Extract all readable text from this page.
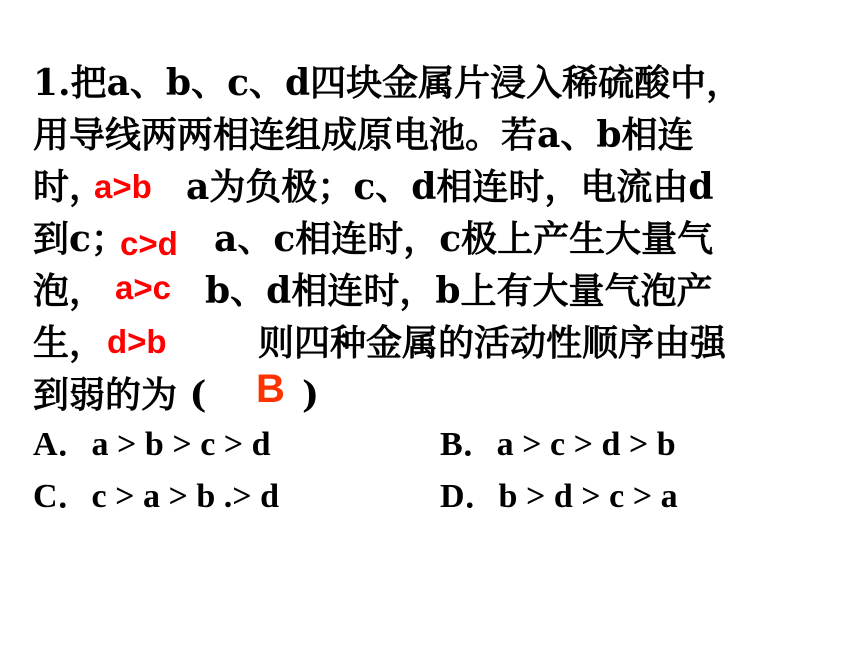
1.把a、b、c、d四块金属片浸入稀硫酸中，
用导线两两相连组成原电池。若a、b相连
时，
a>b a为负极；c、d相连时，电流由d
到c；
c>d a、c相连时，c极上产生大量气
泡， a>c b、d相连时，b上有大量气泡产
生， d>b	则四种金属的活动性顺序由强
到弱的为 ( B )
A．a > b > c > d	B．a > c > d > b
C．c > a > b .> d	D．b > d > c > a
